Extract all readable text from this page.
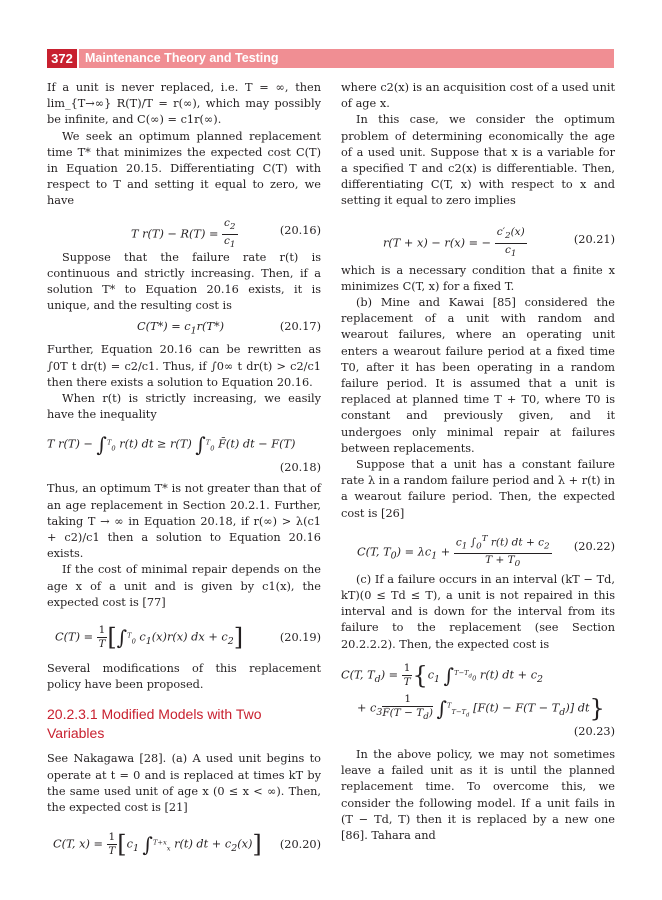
372 Maintenance Theory and Testing

If a unit is never replaced, i.e. T = ∞, then lim_{T→∞} R(T)/T = r(∞), which may possibly be infinite, and C(∞) = c1r(∞).

We seek an optimum planned replacement time T* that minimizes the expected cost C(T) in Equation 20.15. Differentiating C(T) with respect to T and setting it equal to zero, we have

T $r(T) - R(T) = \frac{c_2}{c_1}$	(20.16)

Suppose that the failure rate r(t) is continuous and strictly increasing. Then, if a solution T* to Equation 20.16 exists, it is unique, and the resulting cost is

$C(T*) = c_1r(T*)$	(20.17)

Further, Equation 20.16 can be rewritten as ∫0T t dr(t) = c2/c1. Thus, if ∫0∞ t dr(t) > c2/c1 then there exists a solution to Equation 20.16.

When r(t) is strictly increasing, we easily have the inequality

T r(T) − ∫$^T_0$ r(t) dt ≥ r(T) ∫$^T_0$ F̄(t) dt − F(T)
(20.18)

Thus, an optimum T* is not greater than that of an age replacement in Section 20.2.1. Further, taking T → ∞ in Equation 20.18, if r(∞) > λ(c1 + c2)/c1 then a solution to Equation 20.16 exists.

If the cost of minimal repair depends on the age x of a unit and is given by c1(x), the expected cost is [77]

$C(T) = \frac{1}{T} [\int^T_0$ $c_1(x)r(x)$ dx + $c_2$]	(20.19)

Several modifications of this replacement policy have been proposed.

20.2.3.1 Modified Models with Two Variables

See Nakagawa [28]. (a) A used unit begins to operate at t = 0 and is replaced at times kT by the same used unit of age x (0 ≤ x < ∞). Then, the expected cost is [21]

C(T, $x) = \frac{1}{T} [c_1$ ∫$^{T+x}_x$ r(t) dt + $c_2(x)$]	(20.20)

where c2(x) is an acquisition cost of a used unit of age x.

In this case, we consider the optimum problem of determining economically the age of a used unit. Suppose that x is a variable for a specified T and c2(x) is differentiable. Then, differentiating C(T, x) with respect to x and setting it equal to zero implies

r(T + x) − r(x) = − $\frac{c'_2(x)}{c_1}$	(20.21)

which is a necessary condition that a finite x minimizes C(T, x) for a fixed T.

(b) Mine and Kawai [85] considered the replacement of a unit with random and wearout failures, where an operating unit enters a wearout failure period at a fixed time T0, after it has been operating in a random failure period. It is assumed that a unit is replaced at planned time T + T0, where T0 is constant and previously given, and it undergoes only minimal repair at failures between replacements.

Suppose that a unit has a constant failure rate λ in a random failure period and λ + r(t) in a wearout failure period. Then, the expected cost is [26]

C(T, $T_0) = \lambda c_1 + \frac{c_1 \int_0^T r(t) dt + c_2}{T + T_0} (20.22)$

(c) If a failure occurs in an interval (kT − Td, kT)(0 ≤ Td ≤ T), a unit is not repaired in this interval and is down for the interval from its failure to the replacement (see Section 20.2.2.2). Then, the expected cost is

C(T, $T_d) = \frac{1}{T} \{c_1$ ∫$^{T-T_d}_0$ r(t) dt + $c_2$
+ $c_3 \frac{1}{F̄(T - T_d)} \int^T_{T-T_d}$ $[F(t) - F(T - T_d)]$ dt}
(20.23)

In the above policy, we may not sometimes leave a failed unit as it is until the planned replacement time. To overcome this, we consider the following model. If a unit fails in (T − Td, T) then it is replaced by a new one [86]. Tahara and
